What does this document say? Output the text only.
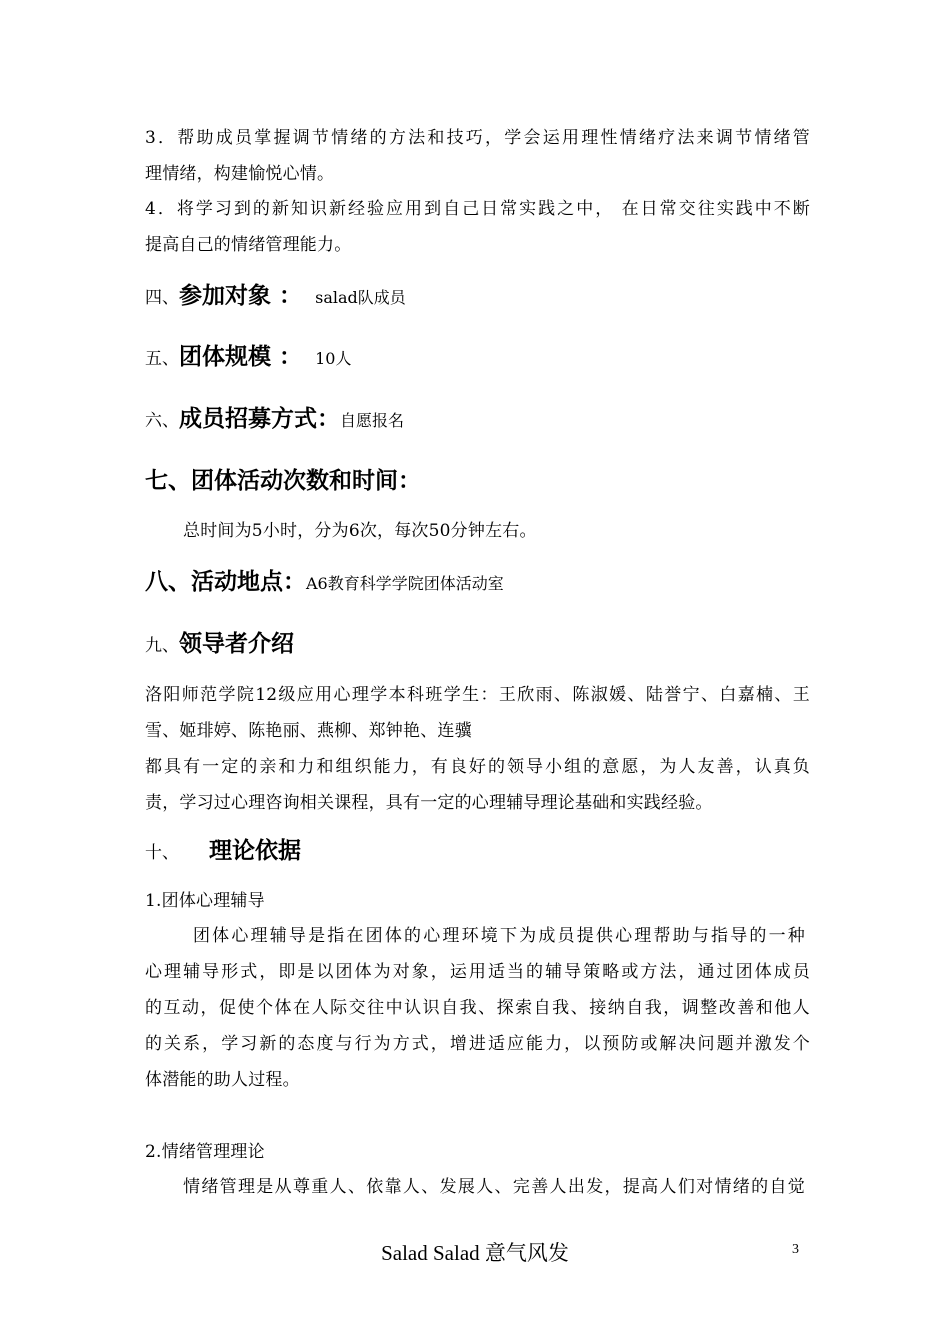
3．帮助成员掌握调节情绪的方法和技巧，学会运用理性情绪疗法来调节情绪管
理情绪，构建愉悦心情。
4．将学习到的新知识新经验应用到自己日常实践之中， 在日常交往实践中不断
提高自己的情绪管理能力。
四、参加对象 ： salad队成员
五、团体规模 ： 10人
六、成员招募方式：自愿报名
七、团体活动次数和时间：
总时间为5小时，分为6次，每次50分钟左右。
八、活动地点：A6教育科学学院团体活动室
九、领导者介绍
洛阳师范学院12级应用心理学本科班学生：王欣雨、陈淑媛、陆誉宁、白嘉楠、王
雪、姬琲婷、陈艳丽、燕柳、郑钟艳、连骥
都具有一定的亲和力和组织能力，有良好的领导小组的意愿，为人友善，认真负
责，学习过心理咨询相关课程，具有一定的心理辅导理论基础和实践经验。
十、 理论依据
1.团体心理辅导
团体心理辅导是指在团体的心理环境下为成员提供心理帮助与指导的一种
心理辅导形式，即是以团体为对象，运用适当的辅导策略或方法，通过团体成员
的互动，促使个体在人际交往中认识自我、探索自我、接纳自我，调整改善和他人
的关系，学习新的态度与行为方式，增进适应能力，以预防或解决问题并激发个
体潜能的助人过程。
2.情绪管理理论
情绪管理是从尊重人、依靠人、发展人、完善人出发，提高人们对情绪的自觉
Salad Salad 意气风发	3
